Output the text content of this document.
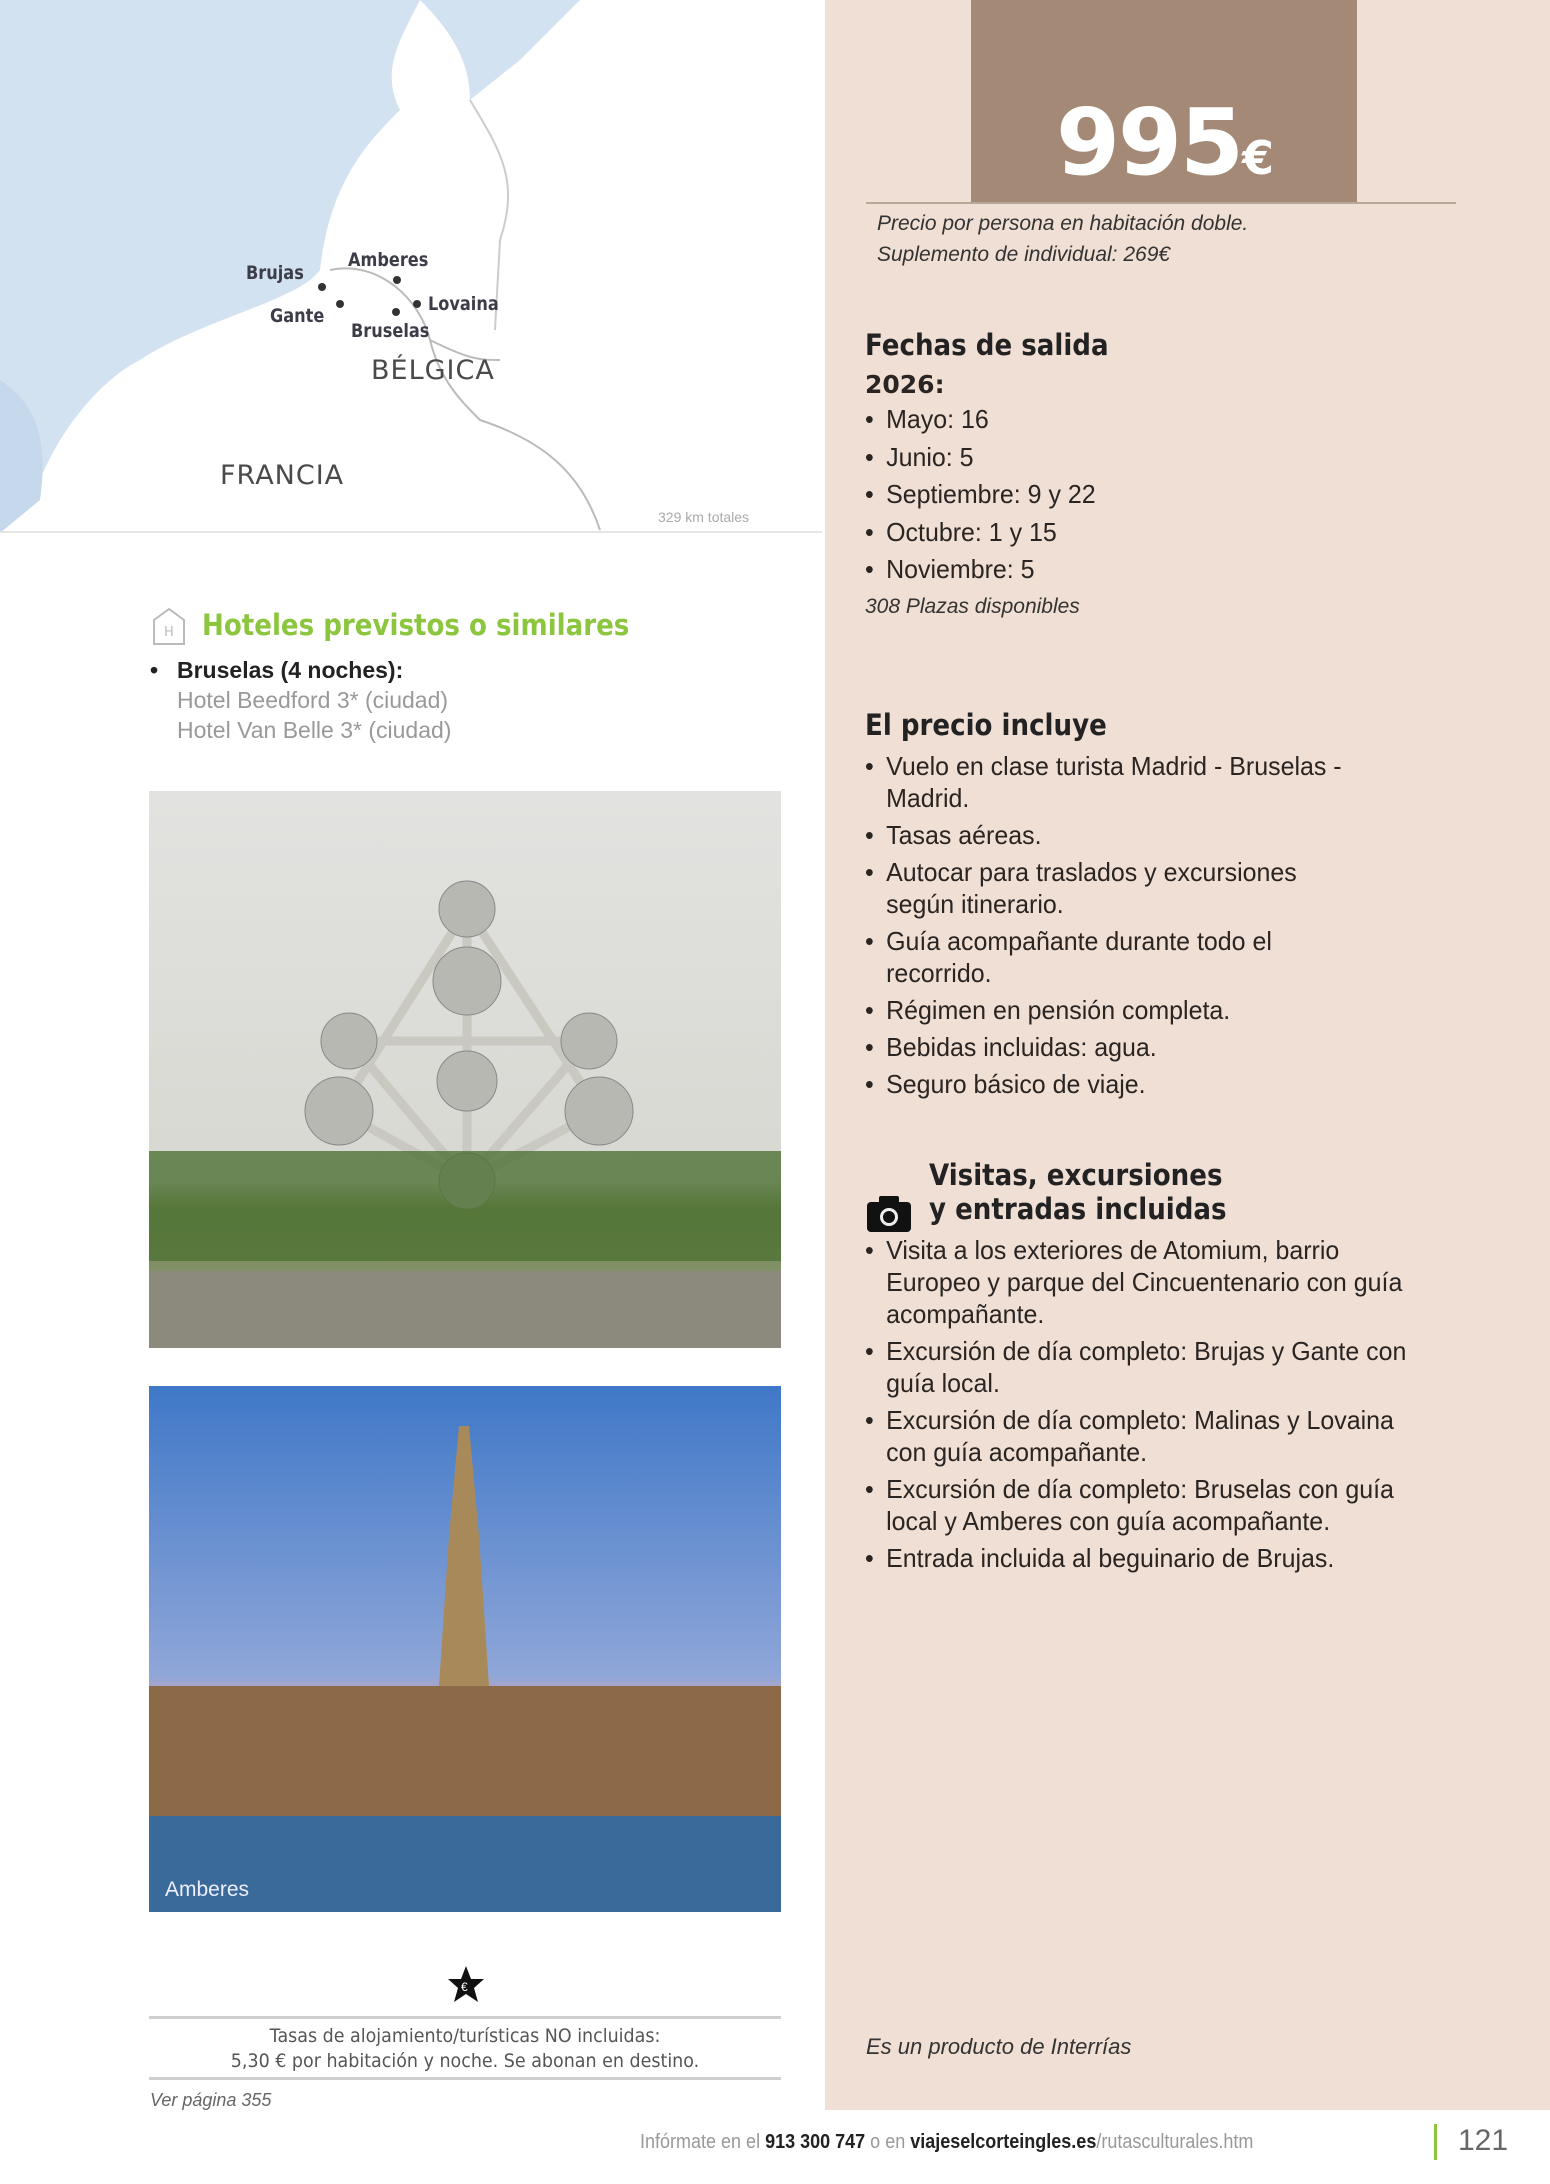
Brujas
Amberes
Gante
Lovaina
Bruselas
BÉLGICA
FRANCIA
329 km totales
995€
Precio por persona en habitación doble.
Suplemento de individual: 269€
Fechas de salida
2026:
• Mayo: 16
• Junio: 5
• Septiembre: 9 y 22
• Octubre: 1 y 15
• Noviembre: 5
308 Plazas disponibles
El precio incluye
• Vuelo en clase turista Madrid - Bruselas - Madrid.
• Tasas aéreas.
• Autocar para traslados y excursiones según itinerario.
• Guía acompañante durante todo el recorrido.
• Régimen en pensión completa.
• Bebidas incluidas: agua.
• Seguro básico de viaje.
Visitas, excursiones
y entradas incluidas
• Visita a los exteriores de Atomium, barrio Europeo y parque del Cincuentenario con guía acompañante.
• Excursión de día completo: Brujas y Gante con guía local.
• Excursión de día completo: Malinas y Lovaina con guía acompañante.
• Excursión de día completo: Bruselas con guía local y Amberes con guía acompañante.
• Entrada incluida al beguinario de Brujas.
Es un producto de Interrías
H Hoteles previstos o similares
• Bruselas (4 noches):
Hotel Beedford 3* (ciudad)
Hotel Van Belle 3* (ciudad)
Amberes
€
Tasas de alojamiento/turísticas NO incluidas:
5,30 € por habitación y noche. Se abonan en destino.
Ver página 355
Infórmate en el 913 300 747 o en viajeselcorteingles.es/rutasculturales.htm	121
